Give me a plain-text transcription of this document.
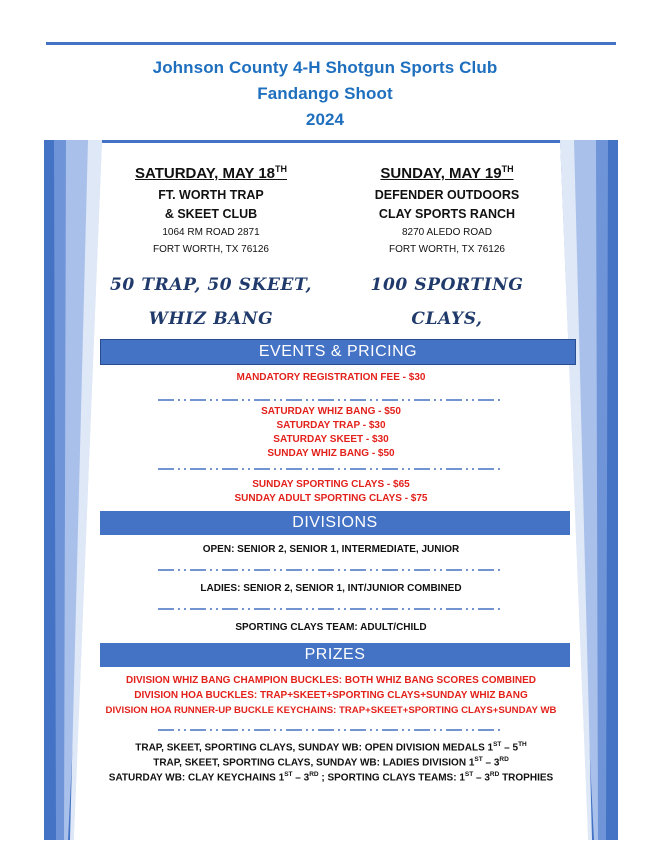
Johnson County 4-H Shotgun Sports Club
Fandango Shoot
2024
SATURDAY, MAY 18TH
FT. WORTH TRAP
& SKEET CLUB
1064 RM ROAD 2871
FORT WORTH, TX 76126
50 TRAP, 50 SKEET,
WHIZ BANG
SUNDAY, MAY 19TH
DEFENDER OUTDOORS
CLAY SPORTS RANCH
8270 ALEDO ROAD
FORT WORTH, TX 76126
100 SPORTING CLAYS,
EVENTS & PRICING
MANDATORY REGISTRATION FEE - $30
SATURDAY WHIZ BANG - $50
SATURDAY TRAP - $30
SATURDAY SKEET - $30
SUNDAY WHIZ BANG - $50
SUNDAY SPORTING CLAYS - $65
SUNDAY ADULT SPORTING CLAYS - $75
DIVISIONS
OPEN: SENIOR 2, SENIOR 1, INTERMEDIATE, JUNIOR
LADIES: SENIOR 2, SENIOR 1, INT/JUNIOR COMBINED
SPORTING CLAYS TEAM: ADULT/CHILD
PRIZES
DIVISION WHIZ BANG CHAMPION BUCKLES: BOTH WHIZ BANG SCORES COMBINED
DIVISION HOA BUCKLES: TRAP+SKEET+SPORTING CLAYS+SUNDAY WHIZ BANG
DIVISION HOA RUNNER-UP BUCKLE KEYCHAINS: TRAP+SKEET+SPORTING CLAYS+SUNDAY WB
TRAP, SKEET, SPORTING CLAYS, SUNDAY WB: OPEN DIVISION MEDALS 1ST – 5TH
TRAP, SKEET, SPORTING CLAYS, SUNDAY WB: LADIES DIVISION 1ST – 3RD
SATURDAY WB: CLAY KEYCHAINS 1ST – 3RD ; SPORTING CLAYS TEAMS: 1ST – 3RD TROPHIES
